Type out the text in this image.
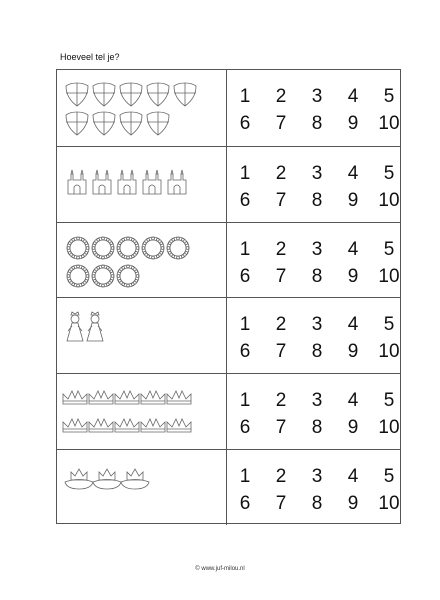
Hoeveel tel je?
1	2	3	4	5
6	7	8	9	10
1	2	3	4	5
6	7	8	9	10
1	2	3	4	5
6	7	8	9	10
1	2	3	4	5
6	7	8	9	10
1	2	3	4	5
6	7	8	9	10
1	2	3	4	5
6	7	8	9	10
© www.juf-milou.nl
